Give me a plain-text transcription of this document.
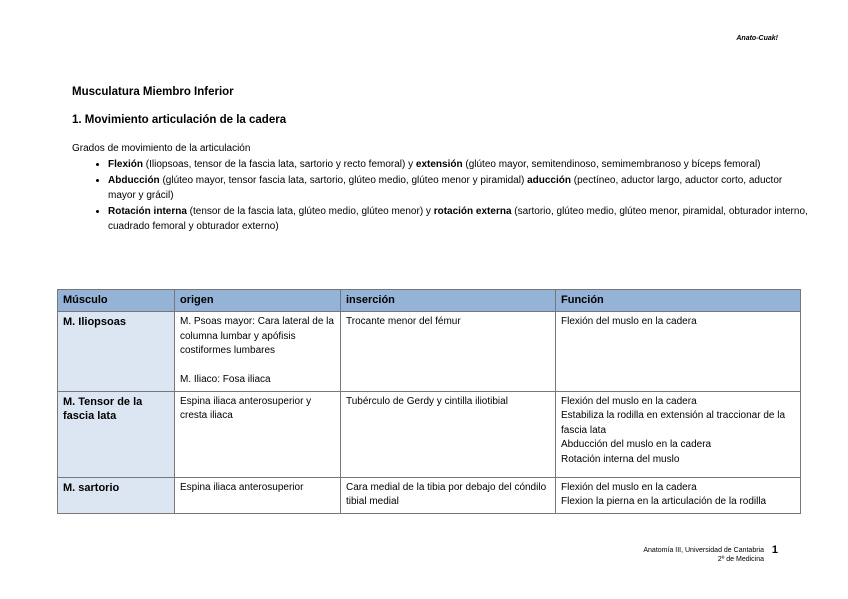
Anato-Cuak!
Musculatura Miembro Inferior
1. Movimiento articulación de la cadera
Grados de movimiento de la articulación
• Flexión (Iliopsoas, tensor de la fascia lata, sartorio y recto femoral) y extensión (glúteo mayor, semitendinoso, semimembranoso y bíceps femoral)
• Abducción (glúteo mayor, tensor fascia lata, sartorio, glúteo medio, glúteo menor y piramidal) aducción (pectíneo, aductor largo, aductor corto, aductor mayor y grácil)
• Rotación interna (tensor de la fascia lata, glúteo medio, glúteo menor) y rotación externa (sartorio, glúteo medio, glúteo menor, piramidal, obturador interno, cuadrado femoral y obturador externo)
Músculo	origen	inserción	Función
M. Iliopsoas	M. Psoas mayor: Cara lateral de la columna lumbar y apófisis costiformes lumbares
M. Iliaco: Fosa iliaca	Trocante menor del fémur	Flexión del muslo en la cadera

M. Tensor de la fascia lata	Espina iliaca anterosuperior y cresta iliaca	Tubérculo de Gerdy y cintilla iliotibial	Flexión del muslo en la cadera
Estabiliza la rodilla en extensión al traccionar de la fascia lata
Abducción del muslo en la cadera
Rotación interna del muslo

M. sartorio	Espina iliaca anterosuperior	Cara medial de la tibia por debajo del cóndilo tibial medial	Flexión del muslo en la cadera
Flexion la pierna en la articulación de la rodilla
Anatomía III, Universidad de Cantabria
2º de Medicina
1
